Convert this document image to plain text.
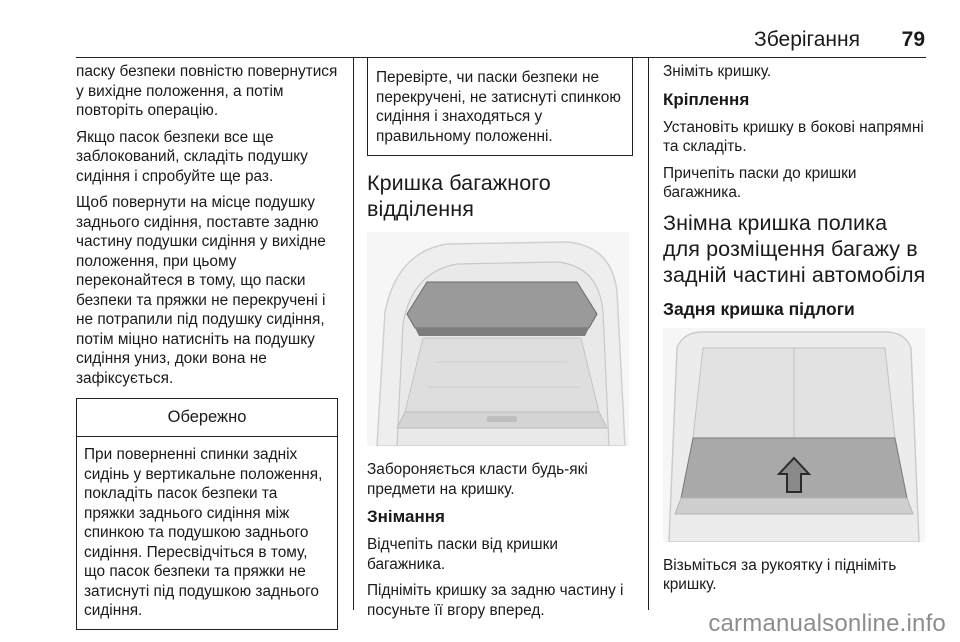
Зберігання 79

паску безпеки повністю повернутися у вихідне положення, а потім повторіть операцію.

Якщо пасок безпеки все ще заблокований, складіть подушку сидіння і спробуйте ще раз.

Щоб повернути на місце подушку заднього сидіння, поставте задню частину подушки сидіння у вихідне положення, при цьому переконайтеся в тому, що паски безпеки та пряжки не перекручені і не потрапили під подушку сидіння, потім міцно натисніть на подушку сидіння униз, доки вона не зафіксується.

Обережно
При поверненні спинки задніх сидінь у вертикальне положення, покладіть пасок безпеки та пряжки заднього сидіння між спинкою та подушкою заднього сидіння. Пересвідчіться в тому, що пасок безпеки та пряжки не затиснуті під подушкою заднього сидіння.
Перевірте, чи паски безпеки не перекручені, не затиснуті спинкою сидіння і знаходяться у правильному положенні.
Кришка багажного відділення

Забороняється класти будь-які предмети на кришку.

Знімання

Відчепіть паски від кришки багажника.

Підніміть кришку за задню частину і посуньте її вгору вперед.

Зніміть кришку.

Кріплення

Установіть кришку в бокові напрямні та складіть.

Причепіть паски до кришки багажника.

Знімна кришка полика для розміщення багажу в задній частині автомобіля
Задня кришка підлоги

Візьміться за рукоятку і підніміть кришку.

carmanualsonline.info
